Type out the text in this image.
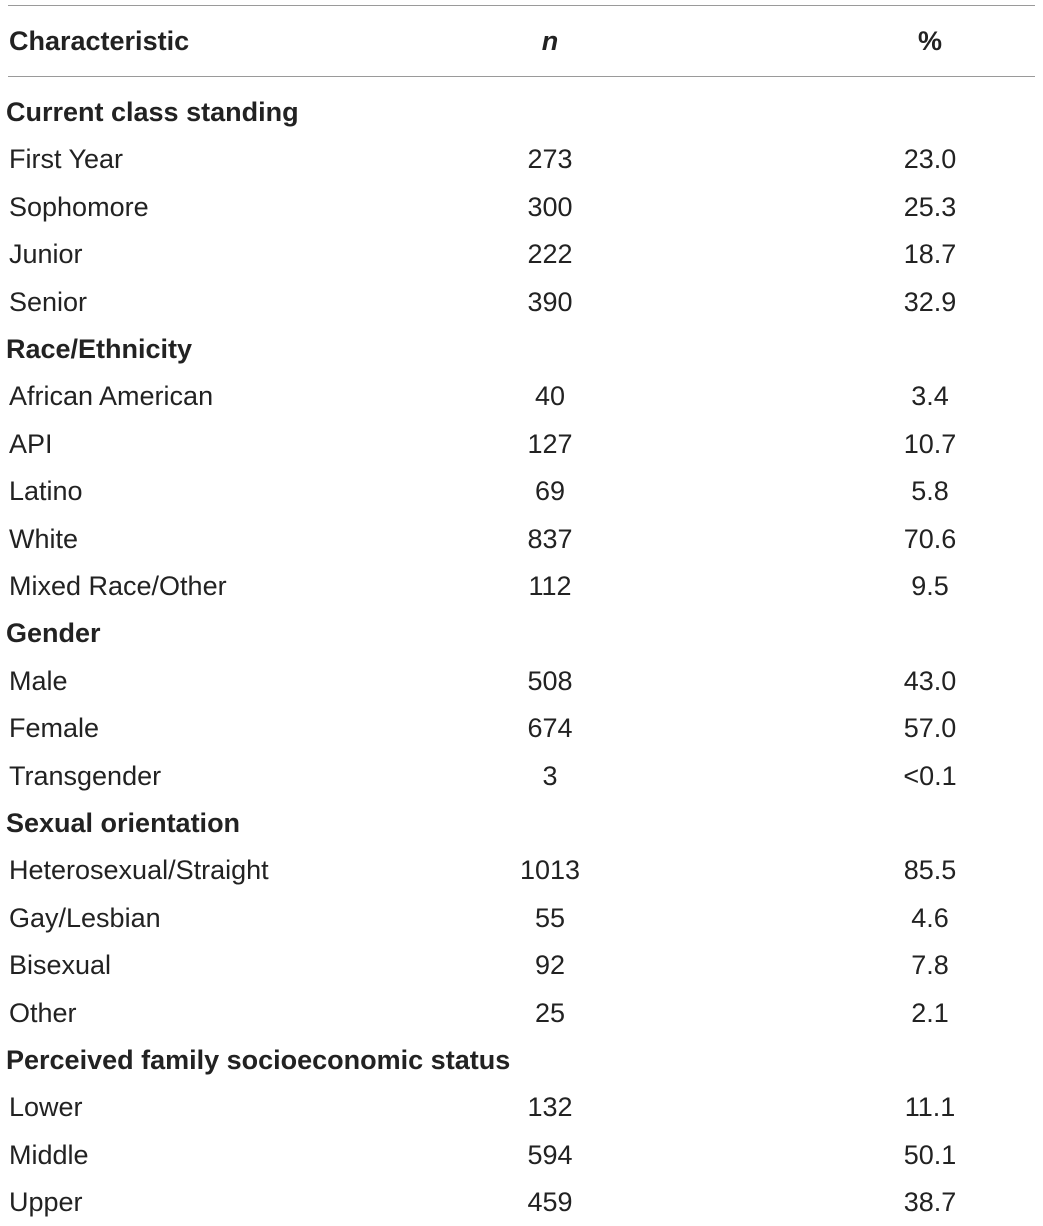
Characteristic	n	%
Current class standing
First Year	273	23.0
Sophomore	300	25.3
Junior	222	18.7
Senior	390	32.9
Race/Ethnicity
African American	40	3.4
API	127	10.7
Latino	69	5.8
White	837	70.6
Mixed Race/Other	112	9.5
Gender
Male	508	43.0
Female	674	57.0
Transgender	3	<0.1
Sexual orientation
Heterosexual/Straight	1013	85.5
Gay/Lesbian	55	4.6
Bisexual	92	7.8
Other	25	2.1
Perceived family socioeconomic status
Lower	132	11.1
Middle	594	50.1
Upper	459	38.7
